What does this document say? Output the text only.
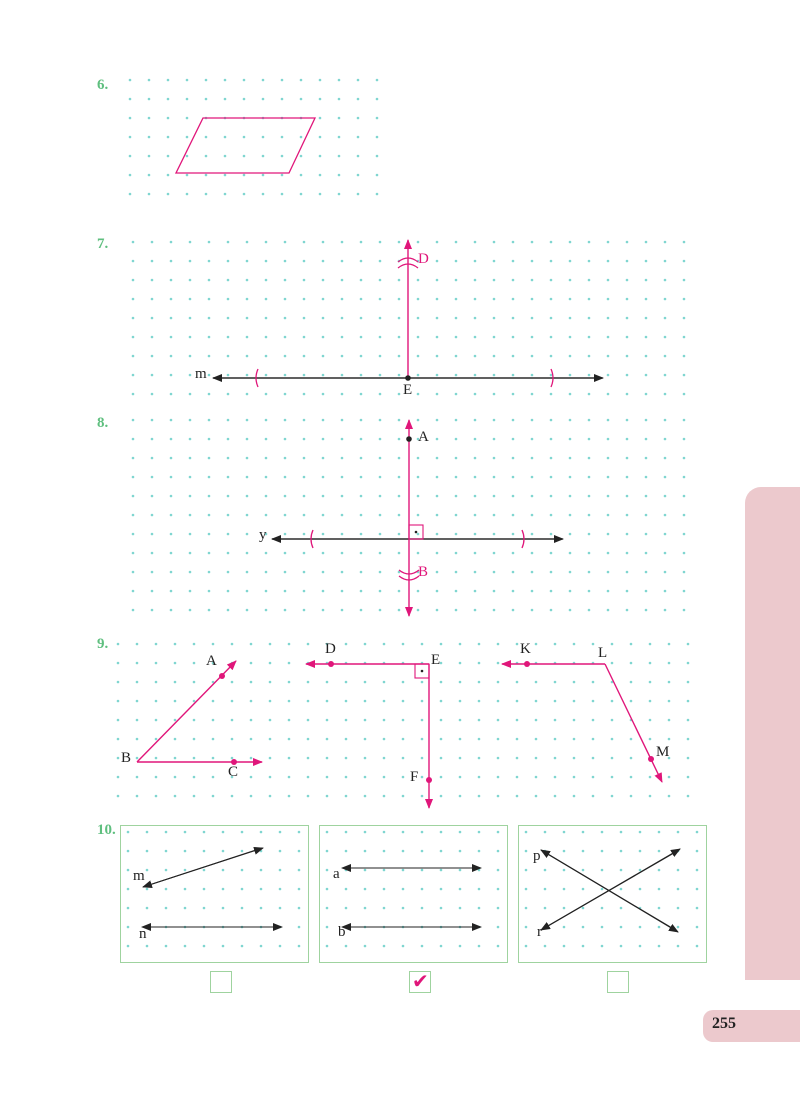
6.
7.
8.
9.
10.
255
✔
m
D
E
y
A
B
A
B
C
D
E
F
K	L
M
m
n
a
b
p
r
